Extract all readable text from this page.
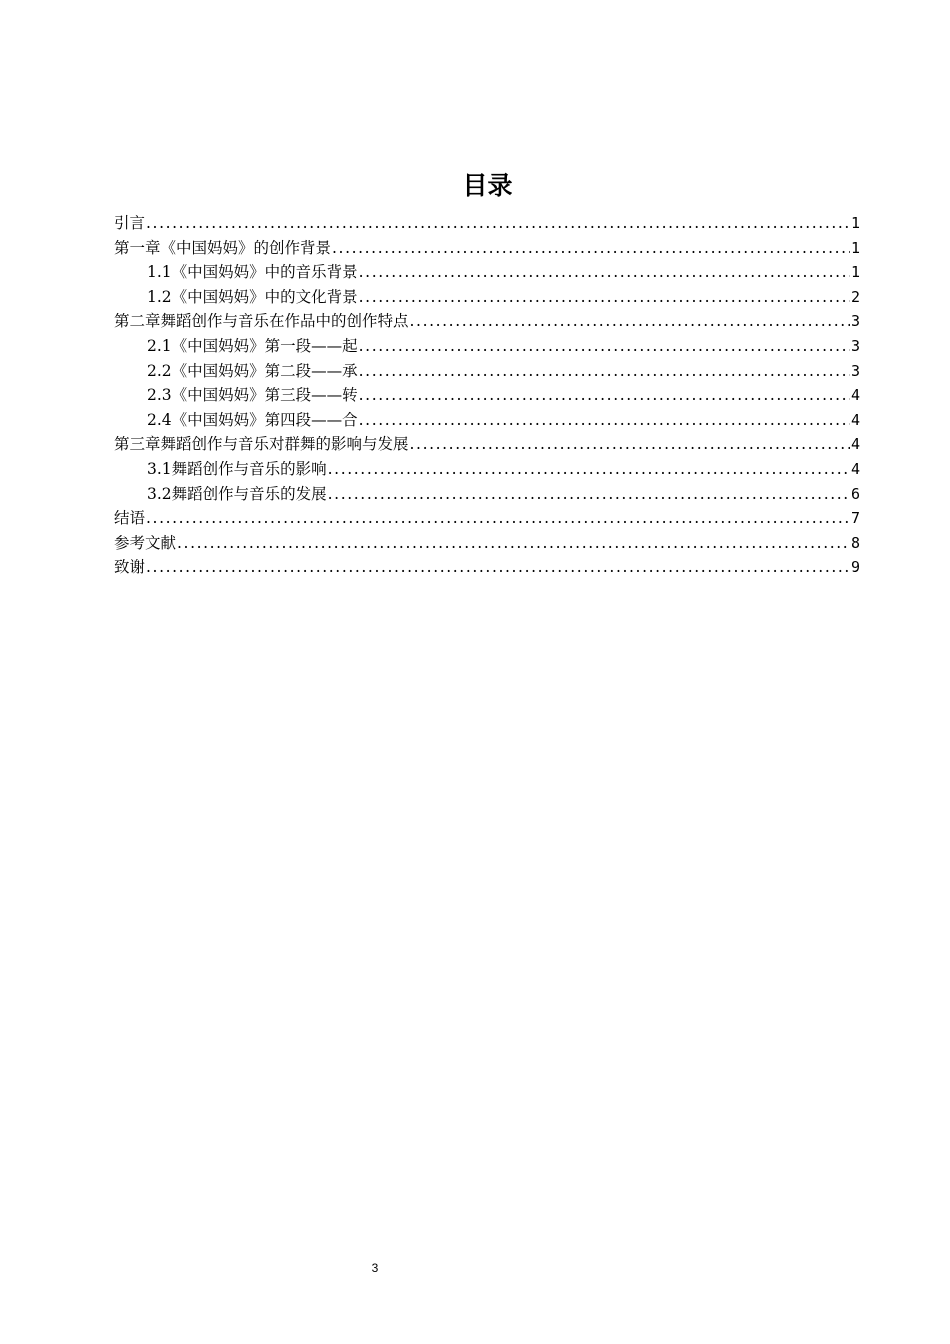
目录
引言 .....	1
第一章《中国妈妈》的创作背景 .....	1
1.1《中国妈妈》中的音乐背景 .....	1
1.2《中国妈妈》中的文化背景 .....	2
第二章舞蹈创作与音乐在作品中的创作特点 .....	3
2.1《中国妈妈》第一段——起 .....	3
2.2《中国妈妈》第二段——承 .....	3
2.3《中国妈妈》第三段——转 .....	4
2.4《中国妈妈》第四段——合 .....	4
第三章舞蹈创作与音乐对群舞的影响与发展 .....	4
3.1舞蹈创作与音乐的影响 .....	4
3.2舞蹈创作与音乐的发展 .....	6
结语 .....	7
参考文献 .....	8
致谢 .....	9
3
